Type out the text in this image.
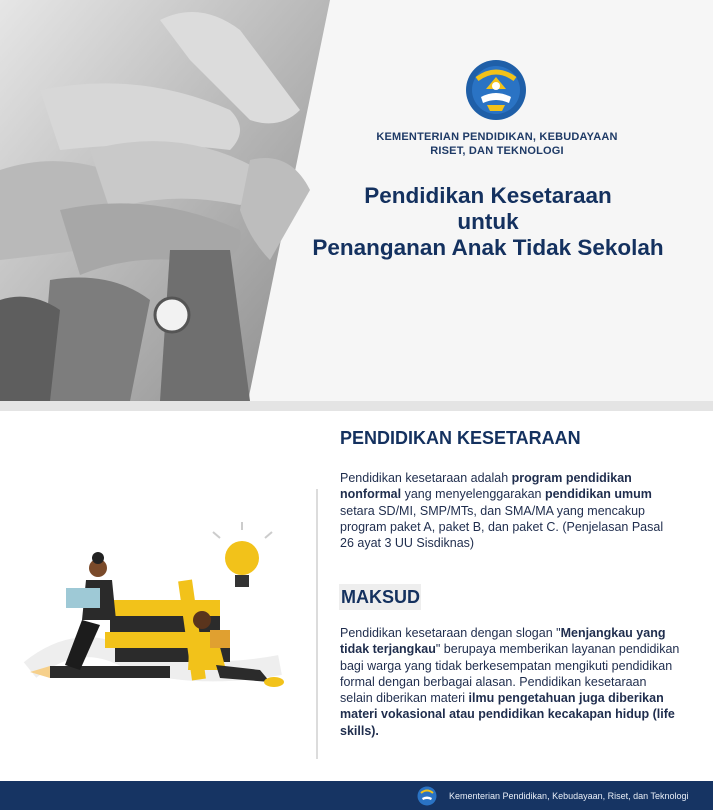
KEMENTERIAN PENDIDIKAN, KEBUDAYAAN
RISET, DAN TEKNOLOGI
Pendidikan Kesetaraan
untuk
Penanganan Anak Tidak Sekolah
PENDIDIKAN KESETARAAN
Pendidikan kesetaraan adalah program pendidikan nonformal yang menyelenggarakan pendidikan umum setara SD/MI, SMP/MTs, dan SMA/MA yang mencakup program paket A, paket B, dan paket C. (Penjelasan Pasal 26 ayat 3 UU Sisdiknas)
MAKSUD
Pendidikan kesetaraan dengan slogan "Menjangkau yang tidak terjangkau" berupaya memberikan layanan pendidikan bagi warga yang tidak berkesempatan mengikuti pendidikan formal dengan berbagai alasan. Pendidikan kesetaraan selain diberikan materi ilmu pengetahuan juga diberikan materi vokasional atau pendidikan kecakapan hidup (life skills).
Kementerian Pendidikan, Kebudayaan, Riset, dan Teknologi
